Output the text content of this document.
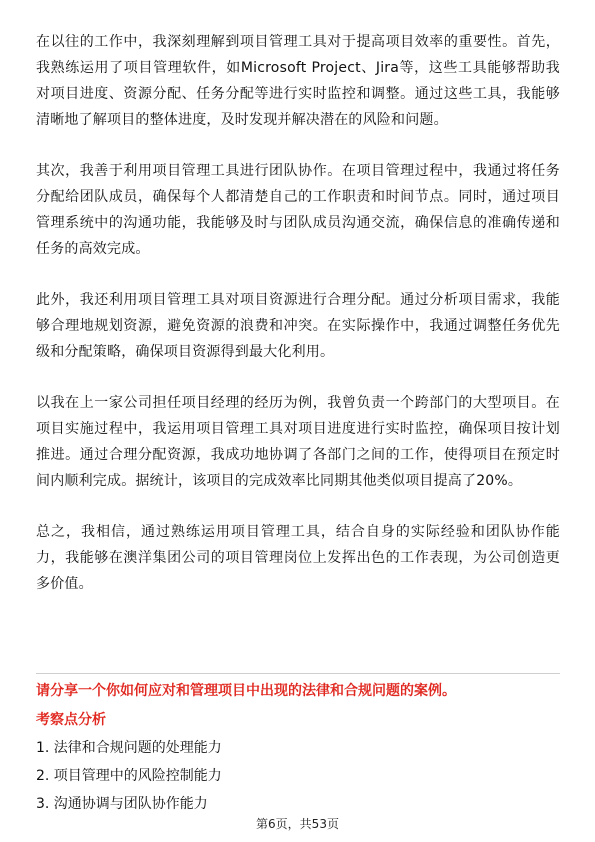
在以往的工作中，我深刻理解到项目管理工具对于提高项目效率的重要性。首先，我熟练运用了项目管理软件，如Microsoft Project、Jira等，这些工具能够帮助我对项目进度、资源分配、任务分配等进行实时监控和调整。通过这些工具，我能够清晰地了解项目的整体进度，及时发现并解决潜在的风险和问题。

其次，我善于利用项目管理工具进行团队协作。在项目管理过程中，我通过将任务分配给团队成员，确保每个人都清楚自己的工作职责和时间节点。同时，通过项目管理系统中的沟通功能，我能够及时与团队成员沟通交流，确保信息的准确传递和任务的高效完成。

此外，我还利用项目管理工具对项目资源进行合理分配。通过分析项目需求，我能够合理地规划资源，避免资源的浪费和冲突。在实际操作中，我通过调整任务优先级和分配策略，确保项目资源得到最大化利用。

以我在上一家公司担任项目经理的经历为例，我曾负责一个跨部门的大型项目。在项目实施过程中，我运用项目管理工具对项目进度进行实时监控，确保项目按计划推进。通过合理分配资源，我成功地协调了各部门之间的工作，使得项目在预定时间内顺利完成。据统计，该项目的完成效率比同期其他类似项目提高了20%。

总之，我相信，通过熟练运用项目管理工具，结合自身的实际经验和团队协作能力，我能够在澳洋集团公司的项目管理岗位上发挥出色的工作表现，为公司创造更多价值。

请分享一个你如何应对和管理项目中出现的法律和合规问题的案例。

考察点分析

1. 法律和合规问题的处理能力
2. 项目管理中的风险控制能力
3. 沟通协调与团队协作能力
第6页，共53页
